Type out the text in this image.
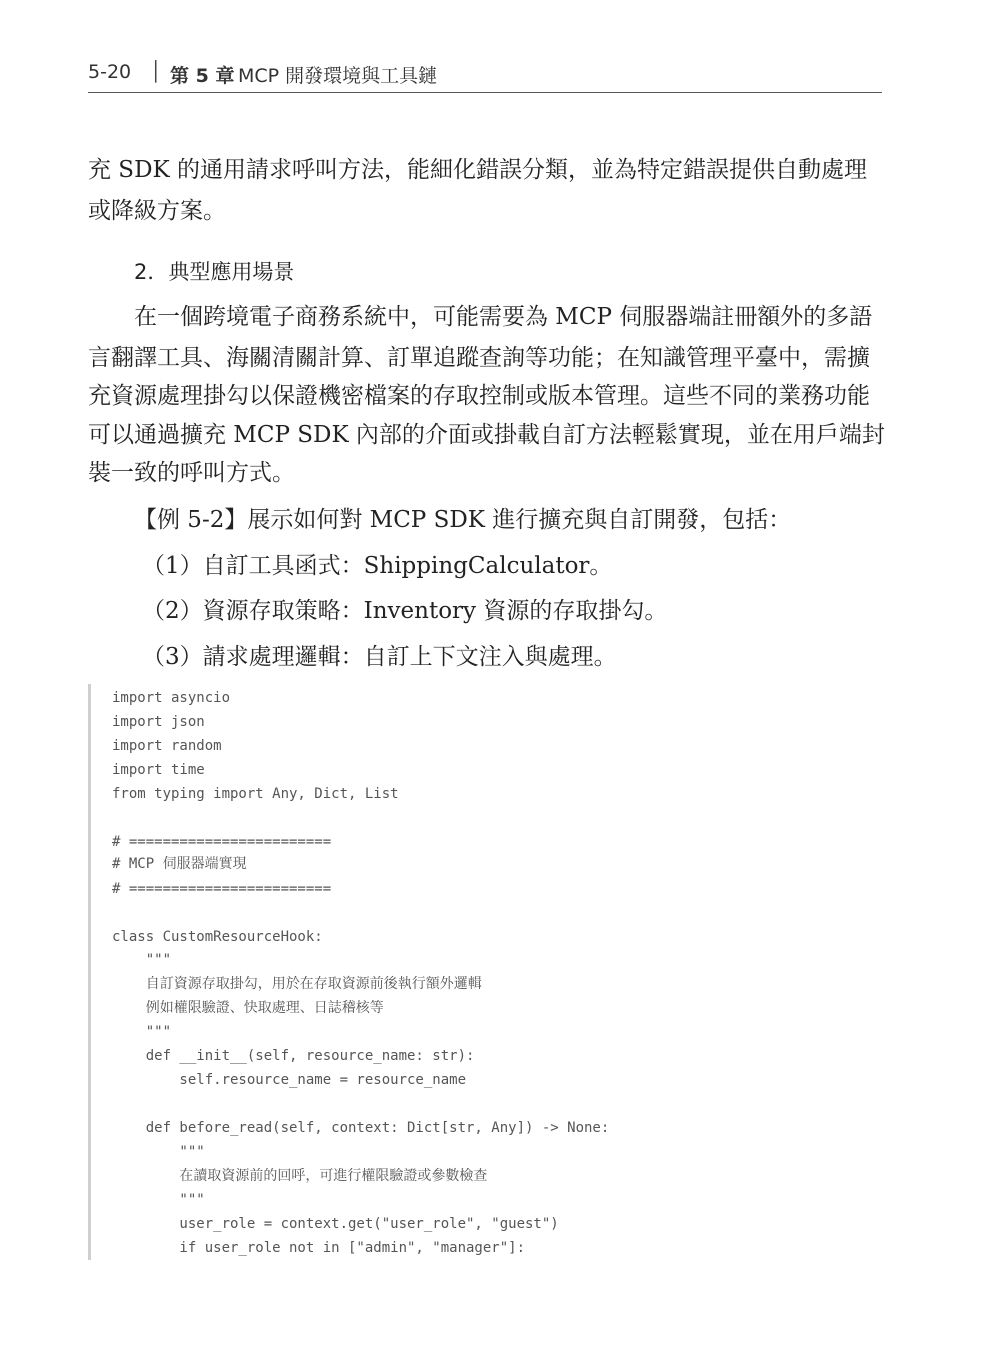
5-20 │ 第 5 章 MCP 開發環境與工具鏈

充 SDK 的通用請求呼叫方法，能細化錯誤分類，並為特定錯誤提供自動處理

或降級方案。

2．典型應用場景

在一個跨境電子商務系統中，可能需要為 MCP 伺服器端註冊額外的多語

言翻譯工具、海關清關計算、訂單追蹤查詢等功能；在知識管理平臺中，需擴

充資源處理掛勾以保證機密檔案的存取控制或版本管理。這些不同的業務功能

可以通過擴充 MCP SDK 內部的介面或掛載自訂方法輕鬆實現，並在用戶端封

裝一致的呼叫方式。

【例 5-2】展示如何對 MCP SDK 進行擴充與自訂開發，包括：

（1）自訂工具函式：ShippingCalculator。

（2）資源存取策略：Inventory 資源的存取掛勾。

（3）請求處理邏輯：自訂上下文注入與處理。

import asyncio
import json
import random
import time
from typing import Any, Dict, List
# ========================
# MCP 伺服器端實現
# ========================
class CustomResourceHook:
"""
自訂資源存取掛勾，用於在存取資源前後執行額外邏輯
例如權限驗證、快取處理、日誌稽核等
"""
def __init__(self, resource_name: str):
self.resource_name = resource_name
def before_read(self, context: Dict[str, Any]) -> None:
"""
在讀取資源前的回呼，可進行權限驗證或參數檢查
"""
user_role = context.get("user_role", "guest")
if user_role not in ["admin", "manager"]:
